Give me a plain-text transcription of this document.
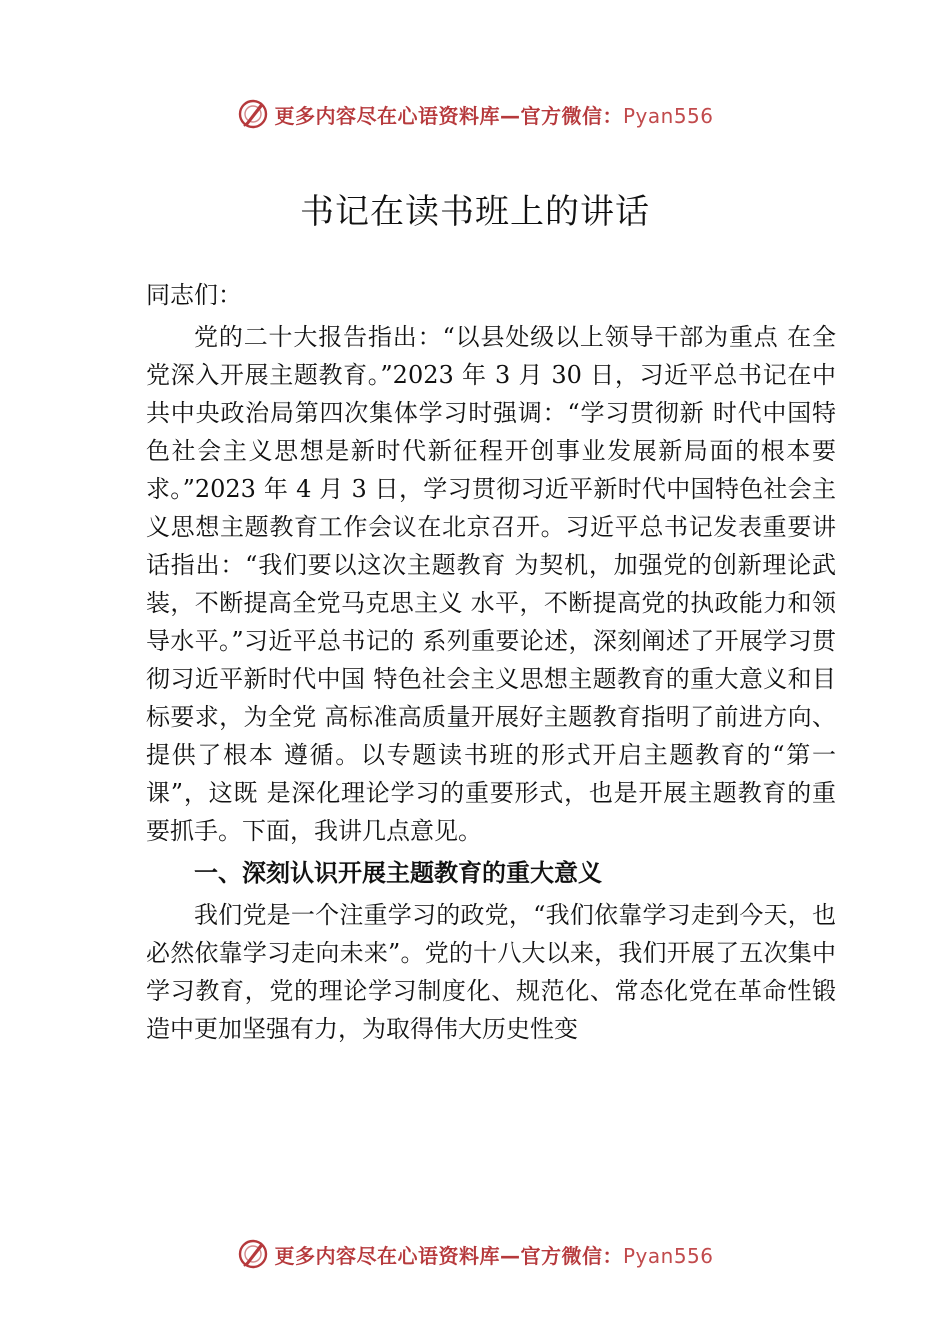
更多内容尽在心语资料库—官方微信：Pyan556
书记在读书班上的讲话

同志们：

党的二十大报告指出：“以县处级以上领导干部为重点 在全党深入开展主题教育。”2023 年 3 月 30 日，习近平总书记在中共中央政治局第四次集体学习时强调：“学习贯彻新 时代中国特色社会主义思想是新时代新征程开创事业发展新局面的根本要求。”2023 年 4 月 3 日，学习贯彻习近平新时代中国特色社会主义思想主题教育工作会议在北京召开。习近平总书记发表重要讲话指出：“我们要以这次主题教育 为契机，加强党的创新理论武装，不断提高全党马克思主义 水平，不断提高党的执政能力和领导水平。”习近平总书记的 系列重要论述，深刻阐述了开展学习贯彻习近平新时代中国 特色社会主义思想主题教育的重大意义和目标要求，为全党 高标准高质量开展好主题教育指明了前进方向、提供了根本 遵循。以专题读书班的形式开启主题教育的“第一课”，这既 是深化理论学习的重要形式，也是开展主题教育的重要抓手。下面，我讲几点意见。

一、深刻认识开展主题教育的重大意义

我们党是一个注重学习的政党，“我们依靠学习走到今天，也必然依靠学习走向未来”。党的十八大以来，我们开展了五次集中学习教育，党的理论学习制度化、规范化、常态化党在革命性锻造中更加坚强有力，为取得伟大历史性变

更多内容尽在心语资料库—官方微信：Pyan556
